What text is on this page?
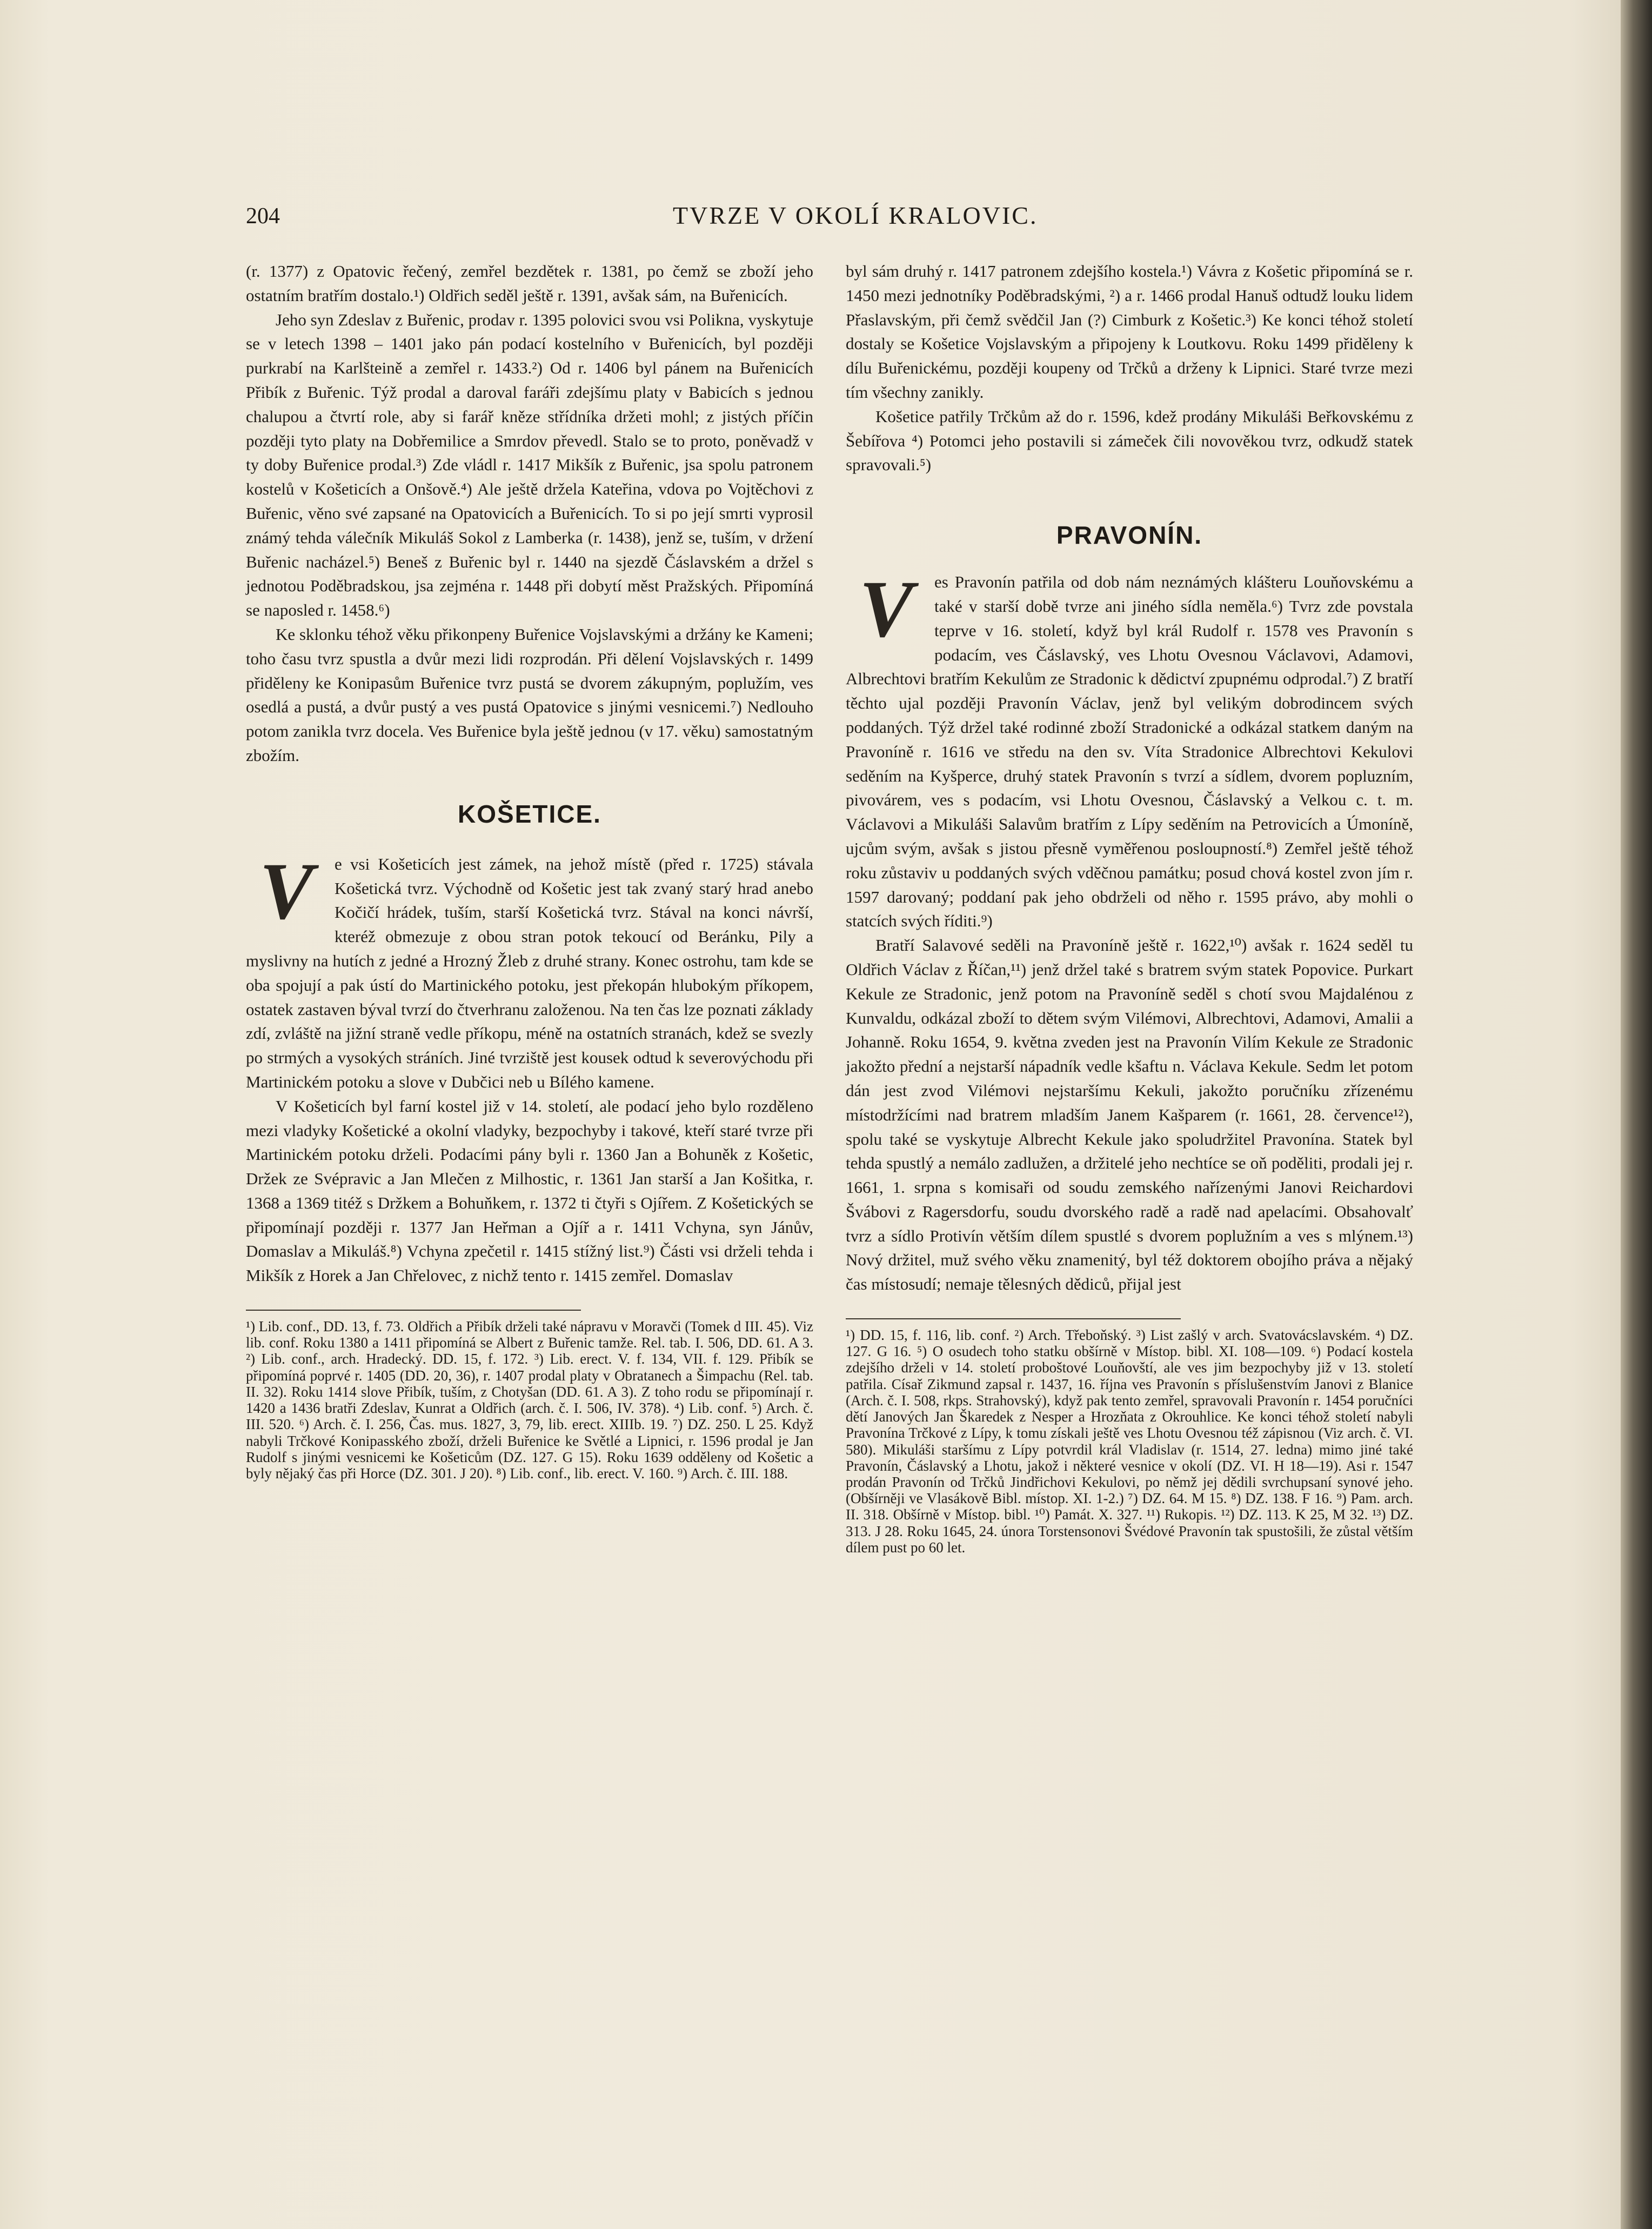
204	TVRZE V OKOLÍ KRALOVIC.

(r. 1377) z Opatovic řečený, zemřel bezdětek r. 1381, po čemž se zboží jeho ostatním bratřím dostalo.¹) Oldřich seděl ještě r. 1391, avšak sám, na Buřenicích.

Jeho syn Zdeslav z Buřenic, prodav r. 1395 polovici svou vsi Polikna, vyskytuje se v letech 1398 – 1401 jako pán podací kostelního v Buřenicích, byl později purkrabí na Karlšteině a zemřel r. 1433.²) Od r. 1406 byl pánem na Buřenicích Přibík z Buřenic. Týž prodal a daroval faráři zdejšímu platy v Babicích s jednou chalupou a čtvrtí role, aby si farář kněze střídníka držeti mohl; z jistých příčin později tyto platy na Dobřemilice a Smrdov převedl. Stalo se to proto, poněvadž v ty doby Buřenice prodal.³) Zde vládl r. 1417 Mikšík z Buřenic, jsa spolu patronem kostelů v Košeticích a Onšově.⁴) Ale ještě držela Kateřina, vdova po Vojtěchovi z Buřenic, věno své zapsané na Opatovicích a Buřenicích. To si po její smrti vyprosil známý tehda válečník Mikuláš Sokol z Lamberka (r. 1438), jenž se, tuším, v držení Buřenic nacházel.⁵) Beneš z Buřenic byl r. 1440 na sjezdě Čáslavském a držel s jednotou Poděbradskou, jsa zejména r. 1448 při dobytí měst Pražských. Připomíná se naposled r. 1458.⁶)

Ke sklonku téhož věku přikonpeny Buřenice Vojslavskými a držány ke Kameni; toho času tvrz spustla a dvůr mezi lidi rozprodán. Při dělení Vojslavských r. 1499 přiděleny ke Konipasům Buřenice tvrz pustá se dvorem zákupným, poplužím, ves osedlá a pustá, a dvůr pustý a ves pustá Opatovice s jinými vesnicemi.⁷) Nedlouho potom zanikla tvrz docela. Ves Buřenice byla ještě jednou (v 17. věku) samostatným zbožím.

KOŠETICE.
V	e vsi Košeticích jest zámek, na jehož místě (před r. 1725) stávala Košetická tvrz. Východně od Košetic jest tak zvaný starý hrad anebo Kočičí hrádek, tuším, starší Košetická tvrz. Stával na konci návrší, kteréž obmezuje z obou stran potok tekoucí od Beránku, Pily a myslivny na hutích z jedné a Hrozný Žleb z druhé strany. Konec ostrohu, tam kde se oba spojují a pak ústí do Martinického potoku, jest překopán hlubokým příkopem, ostatek zastaven býval tvrzí do čtverhranu založenou. Na ten čas lze poznati základy zdí, zvláště na jižní straně vedle příkopu, méně na ostatních stranách, kdež se svezly po strmých a vysokých stráních. Jiné tvrziště jest kousek odtud k severovýchodu při Martinickém potoku a slove v Dubčici neb u Bílého kamene.

V Košeticích byl farní kostel již v 14. století, ale podací jeho bylo rozděleno mezi vladyky Košetické a okolní vladyky, bezpochyby i takové, kteří staré tvrze při Martinickém potoku drželi. Podacími pány byli r. 1360 Jan a Bohuněk z Košetic, Držek ze Svépravic a Jan Mlečen z Milhostic, r. 1361 Jan starší a Jan Košitka, r. 1368 a 1369 titéž s Držkem a Bohuňkem, r. 1372 ti čtyři s Ojířem. Z Košetických se připomínají později r. 1377 Jan Heřman a Ojíř a r. 1411 Vchyna, syn Jánův, Domaslav a Mikuláš.⁸) Vchyna zpečetil r. 1415 stížný list.⁹) Části vsi drželi tehda i Mikšík z Horek a Jan Chřelovec, z nichž tento r. 1415 zemřel. Domaslav

¹) Lib. conf., DD. 13, f. 73. Oldřich a Přibík drželi také nápravu v Moravči (Tomek d III. 45). Viz lib. conf. Roku 1380 a 1411 připomíná se Albert z Buřenic tamže. Rel. tab. I. 506, DD. 61. A 3. ²) Lib. conf., arch. Hradecký. DD. 15, f. 172. ³) Lib. erect. V. f. 134, VII. f. 129. Přibík se připomíná poprvé r. 1405 (DD. 20, 36), r. 1407 prodal platy v Obratanech a Šimpachu (Rel. tab. II. 32). Roku 1414 slove Přibík, tuším, z Chotyšan (DD. 61. A 3). Z toho rodu se připomínají r. 1420 a 1436 bratři Zdeslav, Kunrat a Oldřich (arch. č. I. 506, IV. 378). ⁴) Lib. conf. ⁵) Arch. č. III. 520. ⁶) Arch. č. I. 256, Čas. mus. 1827, 3, 79, lib. erect. XIIIb. 19. ⁷) DZ. 250. L 25. Když nabyli Trčkové Konipasského zboží, drželi Buřenice ke Světlé a Lipnici, r. 1596 prodal je Jan Rudolf s jinými vesnicemi ke Košeticům (DZ. 127. G 15). Roku 1639 odděleny od Košetic a byly nějaký čas při Horce (DZ. 301. J 20). ⁸) Lib. conf., lib. erect. V. 160. ⁹) Arch. č. III. 188.

byl sám druhý r. 1417 patronem zdejšího kostela.¹) Vávra z Košetic připomíná se r. 1450 mezi jednotníky Poděbradskými, ²) a r. 1466 prodal Hanuš odtudž louku lidem Přaslavským, při čemž svědčil Jan (?) Cimburk z Košetic.³) Ke konci téhož století dostaly se Košetice Vojslavským a připojeny k Loutkovu. Roku 1499 přiděleny k dílu Buřenickému, později koupeny od Trčků a drženy k Lipnici. Staré tvrze mezi tím všechny zanikly.

Košetice patřily Trčkům až do r. 1596, kdež prodány Mikuláši Beřkovskému z Šebířova ⁴) Potomci jeho postavili si zámeček čili novověkou tvrz, odkudž statek spravovali.⁵)

PRAVONÍN.
V	es Pravonín patřila od dob nám neznámých klášteru Louňovskému a také v starší době tvrze ani jiného sídla neměla.⁶) Tvrz zde povstala teprve v 16. století, když byl král Rudolf r. 1578 ves Pravonín s podacím, ves Čáslavský, ves Lhotu Ovesnou Václavovi, Adamovi, Albrechtovi bratřím Kekulům ze Stradonic k dědictví zpupnému odprodal.⁷) Z bratří těchto ujal později Pravonín Václav, jenž byl velikým dobrodincem svých poddaných. Týž držel také rodinné zboží Stradonické a odkázal statkem daným na Pravoníně r. 1616 ve středu na den sv. Víta Stradonice Albrechtovi Kekulovi seděním na Kyšperce, druhý statek Pravonín s tvrzí a sídlem, dvorem popluzním, pivovárem, ves s podacím, vsi Lhotu Ovesnou, Čáslavský a Velkou c. t. m. Václavovi a Mikuláši Salavům bratřím z Lípy seděním na Petrovicích a Úmoníně, ujcům svým, avšak s jistou přesně vyměřenou posloupností.⁸) Zemřel ještě téhož roku zůstaviv u poddaných svých vděčnou památku; posud chová kostel zvon jím r. 1597 darovaný; poddaní pak jeho obdrželi od něho r. 1595 právo, aby mohli o statcích svých říditi.⁹)

Bratří Salavové seděli na Pravoníně ještě r. 1622,¹⁰) avšak r. 1624 seděl tu Oldřich Václav z Říčan,¹¹) jenž držel také s bratrem svým statek Popovice. Purkart Kekule ze Stradonic, jenž potom na Pravoníně seděl s chotí svou Majdalénou z Kunvaldu, odkázal zboží to dětem svým Vilémovi, Albrechtovi, Adamovi, Amalii a Johanně. Roku 1654, 9. května zveden jest na Pravonín Vilím Kekule ze Stradonic jakožto přední a nejstarší nápadník vedle kšaftu n. Václava Kekule. Sedm let potom dán jest zvod Vilémovi nejstaršímu Kekuli, jakožto poručníku zřízenému místodržícími nad bratrem mladším Janem Kašparem (r. 1661, 28. července¹²), spolu také se vyskytuje Albrecht Kekule jako spoludržitel Pravonína. Statek byl tehda spustlý a nemálo zadlužen, a držitelé jeho nechtíce se oň poděliti, prodali jej r. 1661, 1. srpna s komisaři od soudu zemského nařízenými Janovi Reichardovi Švábovi z Ragersdorfu, soudu dvorského radě a radě nad apelacími. Obsahovalť tvrz a sídlo Protivín větším dílem spustlé s dvorem poplužním a ves s mlýnem.¹³) Nový držitel, muž svého věku znamenitý, byl též doktorem obojího práva a nějaký čas místosudí; nemaje tělesných dědiců, přijal jest

¹) DD. 15, f. 116, lib. conf. ²) Arch. Třeboňský. ³) List zašlý v arch. Svatovácslavském. ⁴) DZ. 127. G 16. ⁵) O osudech toho statku obšírně v Místop. bibl. XI. 108—109. ⁶) Podací kostela zdejšího drželi v 14. století proboštové Louňovští, ale ves jim bezpochyby již v 13. století patřila. Císař Zikmund zapsal r. 1437, 16. října ves Pravonín s příslušenstvím Janovi z Blanice (Arch. č. I. 508, rkps. Strahovský), když pak tento zemřel, spravovali Pravonín r. 1454 poručníci dětí Janových Jan Škaredek z Nesper a Hrozňata z Okrouhlice. Ke konci téhož století nabyli Pravonína Trčkové z Lípy, k tomu získali ještě ves Lhotu Ovesnou též zápisnou (Viz arch. č. VI. 580). Mikuláši staršímu z Lípy potvrdil král Vladislav (r. 1514, 27. ledna) mimo jiné také Pravonín, Čáslavský a Lhotu, jakož i některé vesnice v okolí (DZ. VI. H 18—19). Asi r. 1547 prodán Pravonín od Trčků Jindřichovi Kekulovi, po němž jej dědili svrchupsaní synové jeho. (Obšírněji ve Vlasákově Bibl. místop. XI. 1-2.) ⁷) DZ. 64. M 15. ⁸) DZ. 138. F 16. ⁹) Pam. arch. II. 318. Obšírně v Místop. bibl. ¹⁰) Památ. X. 327. ¹¹) Rukopis. ¹²) DZ. 113. K 25, M 32. ¹³) DZ. 313. J 28. Roku 1645, 24. února Torstensonovi Švédové Pravonín tak spustošili, že zůstal větším dílem pust po 60 let.
